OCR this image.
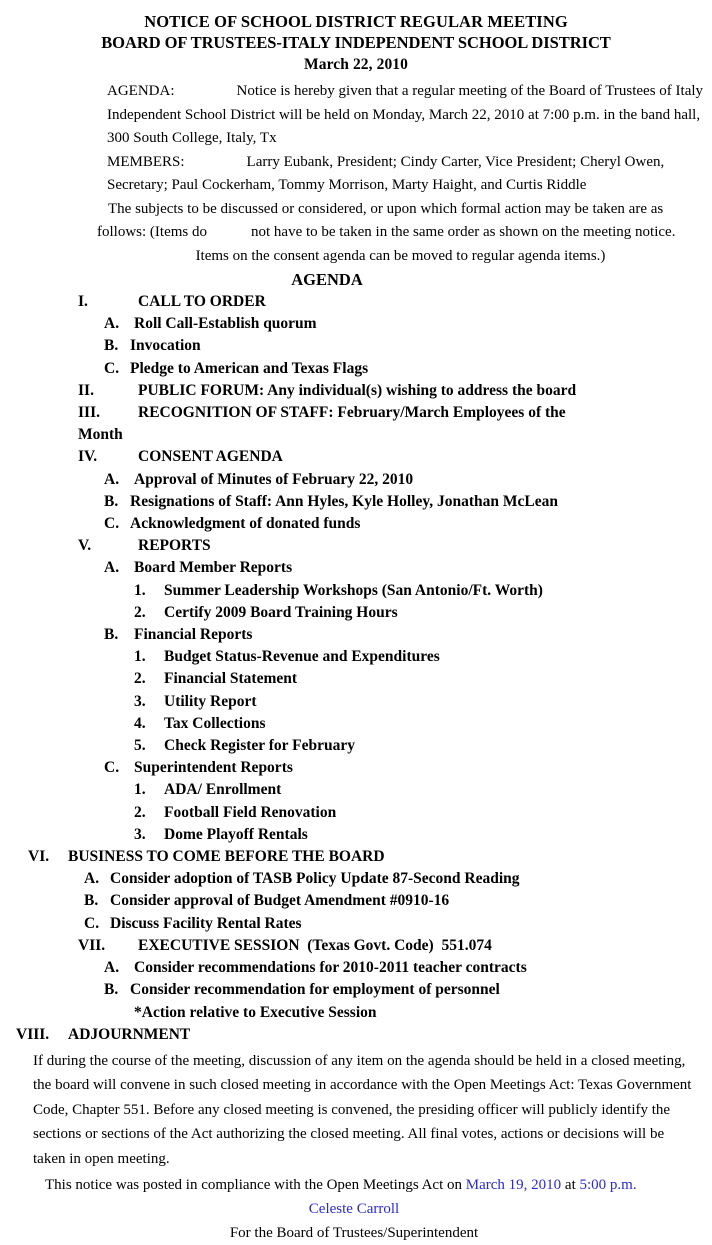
NOTICE OF SCHOOL DISTRICT REGULAR MEETING
BOARD OF TRUSTEES-ITALY INDEPENDENT SCHOOL DISTRICT
March 22, 2010

AGENDA:	Notice is hereby given that a regular meeting of the Board of Trustees of Italy Independent School District will be held on Monday, March 22, 2010 at 7:00 p.m. in the band hall, 300 South College, Italy, Tx

MEMBERS:	Larry Eubank, President; Cindy Carter, Vice President; Cheryl Owen, Secretary; Paul Cockerham, Tommy Morrison, Marty Haight, and Curtis Riddle

The subjects to be discussed or considered, or upon which formal action may be taken are as

follows: (Items do	not have to be taken in the same order as shown on the meeting notice.

Items on the consent agenda can be moved to regular agenda items.)

AGENDA
I.	CALL TO ORDER
A. Roll Call-Establish quorum
B. Invocation
C. Pledge to American and Texas Flags
II.	PUBLIC FORUM: Any individual(s) wishing to address the board
III. RECOGNITION OF STAFF: February/March Employees of the
Month
IV.	CONSENT AGENDA
A. Approval of Minutes of February 22, 2010
B. Resignations of Staff: Ann Hyles, Kyle Holley, Jonathan McLean
C. Acknowledgment of donated funds
V.	REPORTS
A. Board Member Reports
1. Summer Leadership Workshops (San Antonio/Ft. Worth)
2. Certify 2009 Board Training Hours
B. Financial Reports
1. Budget Status-Revenue and Expenditures
2. Financial Statement
3. Utility Report
4. Tax Collections
5. Check Register for February
C. Superintendent Reports
1. ADA/ Enrollment
2. Football Field Renovation
3. Dome Playoff Rentals
VI. BUSINESS TO COME BEFORE THE BOARD
A. Consider adoption of TASB Policy Update 87-Second Reading
B. Consider approval of Budget Amendment #0910-16
C. Discuss Facility Rental Rates
VII. EXECUTIVE SESSION  (Texas Govt. Code)  551.074
A. Consider recommendations for 2010-2011 teacher contracts
B. Consider recommendation for employment of personnel
*Action relative to Executive Session
VIII. ADJOURNMENT

If during the course of the meeting, discussion of any item on the agenda should be held in a closed meeting, the board will convene in such closed meeting in accordance with the Open Meetings Act: Texas Government Code, Chapter 551. Before any closed meeting is convened, the presiding officer will publicly identify the sections or sections of the Act authorizing the closed meeting. All final votes, actions or decisions will be taken in open meeting.

This notice was posted in compliance with the Open Meetings Act on March 19, 2010 at 5:00 p.m.
Celeste Carroll
For the Board of Trustees/Superintendent
